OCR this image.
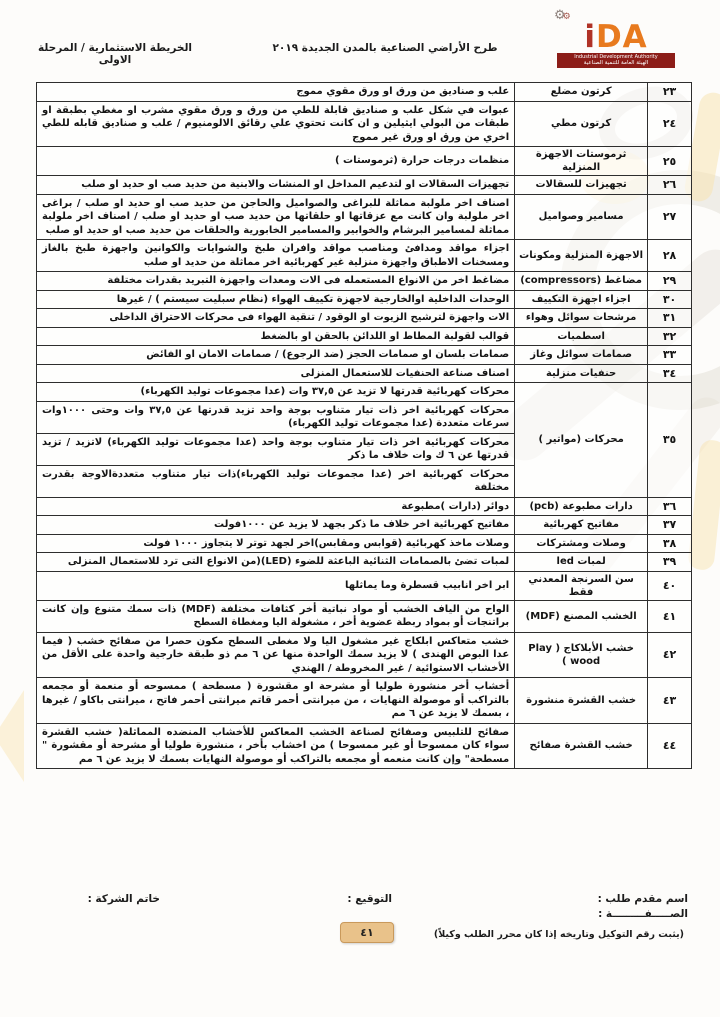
⚙⚙
iDA
Industrial Development Authority
الهيئة العامة للتنمية الصناعية
طرح الأراضي الصناعية بالمدن الجديدة ٢٠١٩
الخريطة الاستثمارية / المرحلة الاولى
٢٣	كرتون مضلع	علب و صناديق من ورق او ورق مقوي مموج

٢٤	كرتون مطي	عبوات في شكل علب و صناديق قابلة للطي من ورق و ورق مقوي مشرب او مغطي بطبقة او طبقات من البولي ايثيلين و ان كانت تحتوي علي رقائق الالومنيوم / علب و صناديق قابله للطي اخري من ورق او ورق غير مموج

٢٥	ثرموستات الاجهزة المنزلية	منظمات درجات حرارة (ثرموستات )

٢٦	تجهيزات للسقالات	تجهيزات السقالات او لتدعيم المداخل او المنشات والابنية من حديد صب او حديد او صلب

٢٧	مسامير وصواميل	اصناف اخر ملولبة مماثلة للبراغى والصواميل والحاجن من حديد صب او حديد او صلب / براغى اخر ملولبة وان كانت مع عزقاتها او حلقاتها من حديد صب او حديد او صلب / اصناف اخر ملولبة مماثلة لمسامير البرشام والخوابير والمسامير الخابورية والحلقات من حديد صب او حديد او صلب

٢٨	الاجهزة المنزلية ومكونات	اجزاء مواقد ومدافئ ومناصب مواقد وافران طبخ والشوايات والكوانين واجهزة طبخ بالغاز ومسخنات الاطباق واجهزة منزلية غير كهربائية اخر مماثلة من حديد او صلب

٢٩	مضاغط (compressors)	مضاغط اخر من الانواع المستعمله فى الات ومعدات واجهزة التبريد بقدرات مختلفة

٣٠	اجزاء اجهزة التكييف	الوحدات الداخلية اوالخارجية لاجهزة تكييف الهواء (نظام سبليت سيستم ) / غيرها

٣١	مرشحات سوائل وهواء	الات واجهزة لترشيح الزيوت او الوقود / تنقية الهواء فى محركات الاحتراق الداخلى

٣٢	اسطمبات	قوالب لقولبة المطاط او اللدائن بالحقن او بالضغط

٣٣	صمامات سوائل وغاز	صمامات بلسان او صمامات الحجز (ضد الرجوع) / صمامات الامان او الفائض

٣٤	حنفيات منزلية	اصناف صناعة الحنفيات للاستعمال المنزلى

٣٥	محركات (مواتير )	محركات كهربائية قدرتها لا تزيد عن ٣٧,٥ وات (عدا مجموعات توليد الكهرباء)
محركات كهربائية اخر ذات تيار متناوب بوجة واحد تزيد قدرتها عن ٣٧,٥ وات وحتى ١٠٠٠وات سرعات متعددة (عدا مجموعات توليد الكهرباء)
محركات كهربائية اخر ذات تيار متناوب بوجة واحد (عدا مجموعات توليد الكهرباء) لاتزيد / تزيد قدرتها عن ٦ ك وات خلاف ما ذكر
محركات كهربائية اخر (عدا مجموعات توليد الكهرباء)ذات تيار متناوب متعددةالاوجة بقدرت مختلفة

٣٦	دارات مطبوعة (pcb)	دوائر (دارات )مطبوعة

٣٧	مفاتيح كهربائية	مفاتيح كهربائية اخر خلاف ما ذكر بجهد لا يزيد عن ١٠٠٠فولت

٣٨	وصلات ومشتركات	وصلات ماخذ كهربائية (قوابس ومقابس)اخر لجهد توتر لا يتجاوز ١٠٠٠ فولت

٣٩	لمبات led	لمبات تضئ بالصمامات الثنائية الباعثة للضوء (LED)(من الانواع التى ترد للاستعمال المنزلى

٤٠	سن السرنجة المعدني فقط	ابر اخر انابيب قسطرة وما يماثلها

٤١	الخشب المصنع (MDF)	الواح من الياف الخشب أو مواد نباتية أخر كثافات مختلفة (MDF) ذات سمك متنوع وإن كانت براتنجات أو بمواد ربطة عضوية أخر ، مشغولة اليا ومغطاة السطح

٤٢	خشب الأبلاكاج ( Play wood )	خشب متعاكس ابلكاج غير مشغول اليا ولا مغطى السطح مكون حصرا من صفائح خشب ( فيما عدا البوص الهندى ) لا يزيد سمك الواحدة منها عن ٦ مم ذو طبقة خارجية واحدة على الأقل من الأخشاب الاستوائية / غير المخروطة / الهندي

٤٣	خشب القشرة منشورة	أخشاب أخر منشورة طوليا أو مشرحة او مقشورة ( مسطحة ) ممسوحه أو منعمة أو مجمعه بالتراكب أو موصولة النهايات ، من ميرانتى أحمر قاتم ميرانتى أحمر فاتح ، ميرانتى باكاو / غيرها ، بسمك لا يزيد عن ٦ مم

٤٤	خشب القشرة صفائح	صفائح للتلبيس وصفائح لصناعة الخشب المعاكس للأخشاب المنضده المماثلة( خشب القشرة سواء كان ممسوحا أو غير ممسوحا ) من اخشاب بأخر ، منشورة طوليا أو مشرحة أو مقشورة " مسطحة" وإن كانت منعمه أو مجمعه بالتراكب أو موصولة النهايات بسمك لا يزيد عن ٦ مم
اسم مقدم طلب :
الصـــــفـــــــــة :
التوقيع :
خاتم الشركة :
(يثبت رقم التوكيل وتاريخه إذا كان محرر الطلب وكيلاً)
٤١
